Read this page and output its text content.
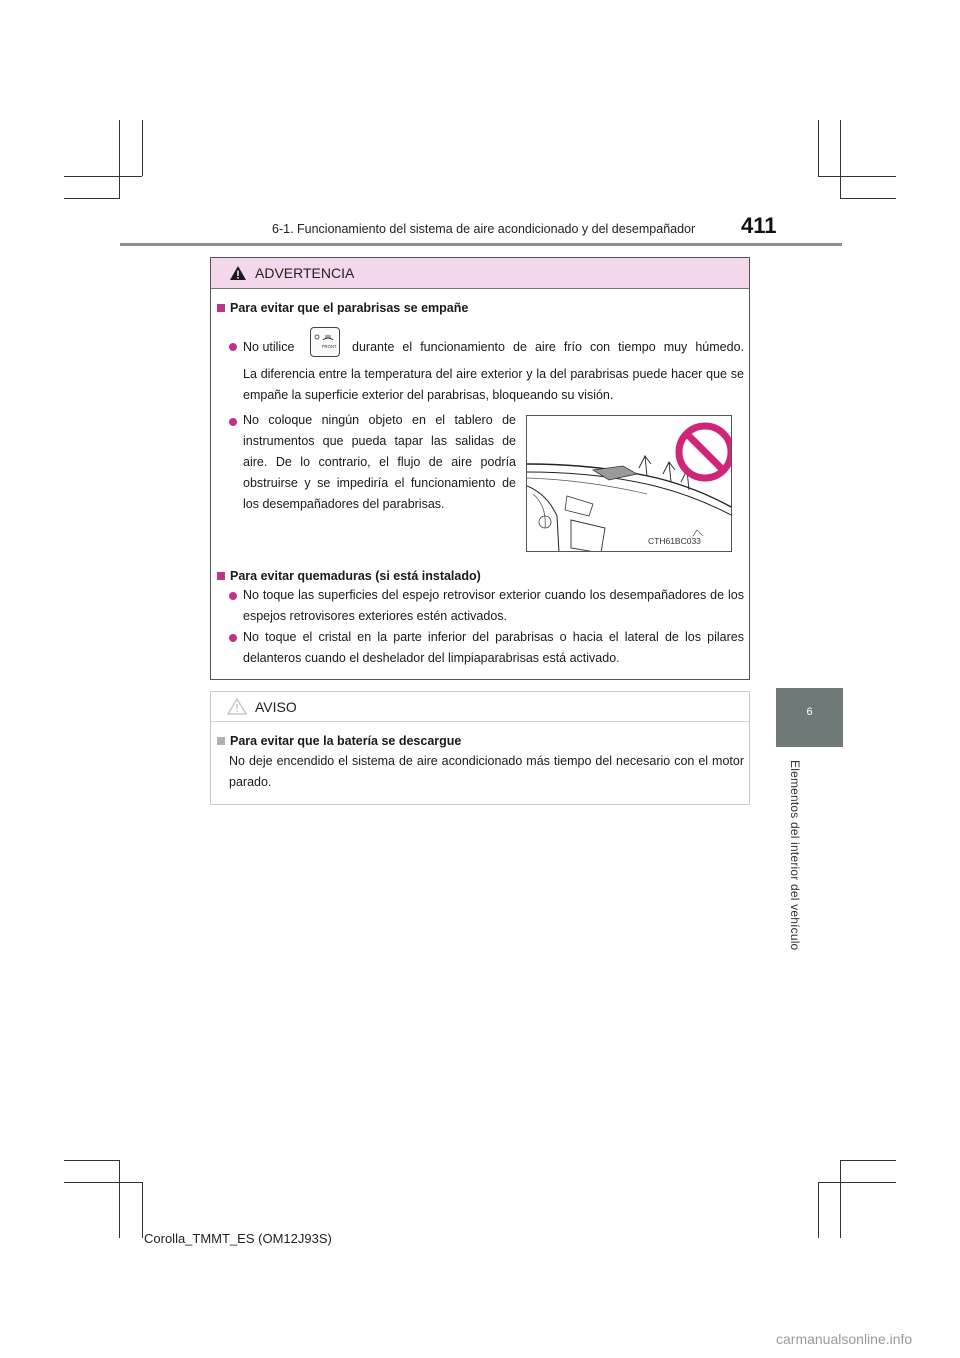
6-1. Funcionamiento del sistema de aire acondicionado y del desempañador 411
6
Elementos del interior del vehículo
ADVERTENCIA
Para evitar que el parabrisas se empañe
No utilice	FRONT durante el funcionamiento de aire frío con tiempo muy húmedo.
La diferencia entre la temperatura del aire exterior y la del parabrisas puede hacer que se empañe la superficie exterior del parabrisas, bloqueando su visión.
No coloque ningún objeto en el tablero de instrumentos que pueda tapar las salidas de aire. De lo contrario, el flujo de aire podría obstruirse y se impediría el funcionamiento de los desempañadores del parabrisas.
CTH61BC033
Para evitar quemaduras (si está instalado)
No toque las superficies del espejo retrovisor exterior cuando los desempañadores de los espejos retrovisores exteriores estén activados.
No toque el cristal en la parte inferior del parabrisas o hacia el lateral de los pilares delanteros cuando el deshelador del limpiaparabrisas está activado.
AVISO
Para evitar que la batería se descargue
No deje encendido el sistema de aire acondicionado más tiempo del necesario con el motor parado.
Corolla_TMMT_ES (OM12J93S)
carmanualsonline.info
